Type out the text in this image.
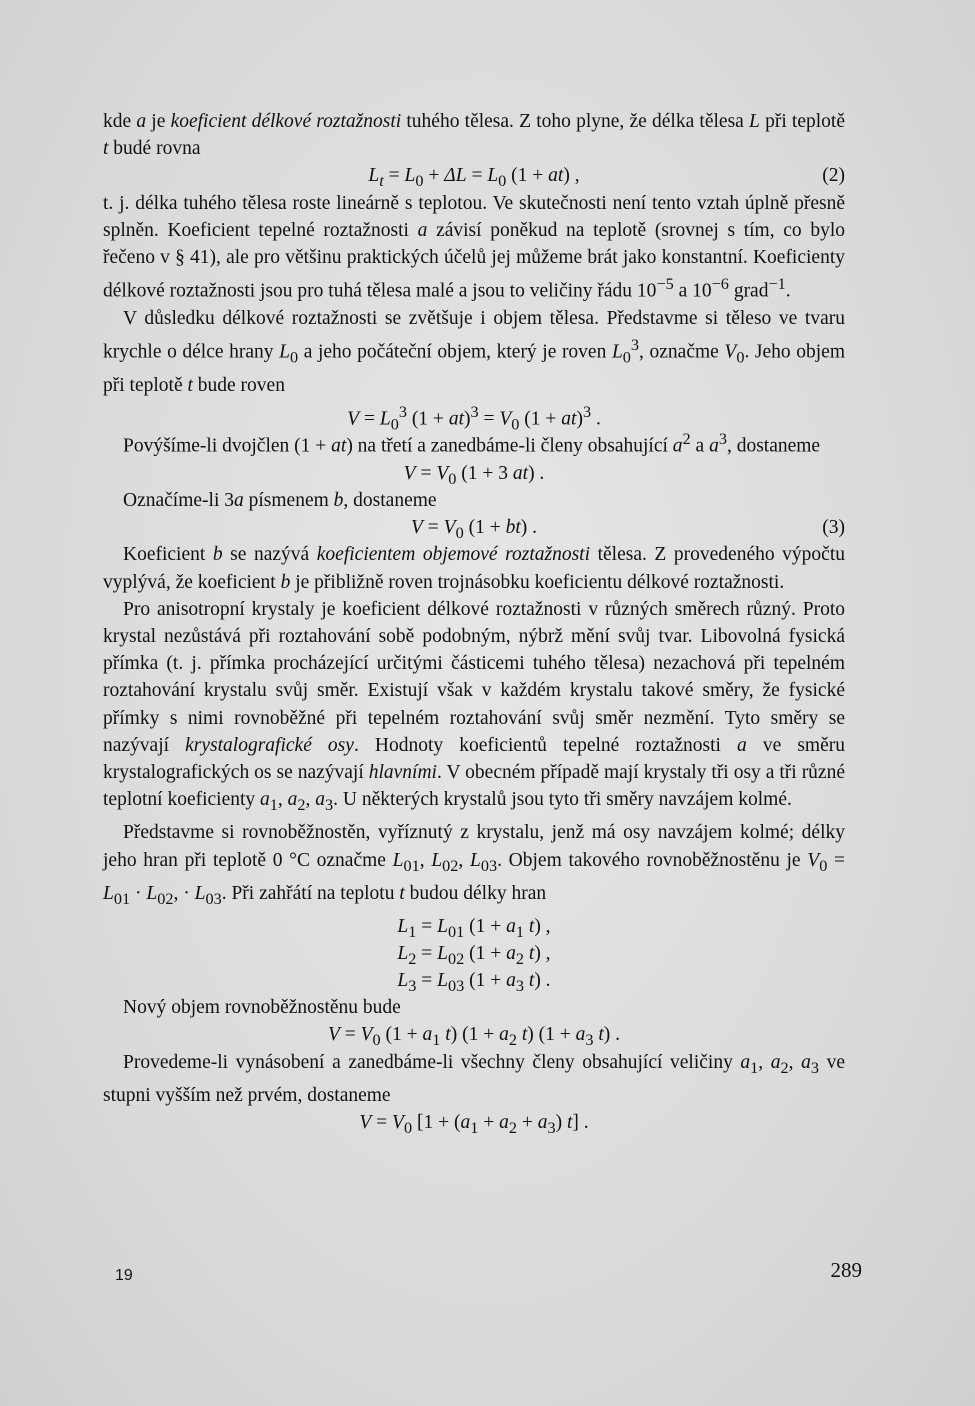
kde a je koeficient délkové roztažnosti tuhého tělesa. Z toho plyne, že délka tělesa L při teplotě t budé rovna

$L_t = L_0 + \Delta L = L_0$ (1 + at) ,	(2)

t. j. délka tuhého tělesa roste lineárně s teplotou. Ve skutečnosti není tento vztah úplně přesně splněn. Koeficient tepelné roztažnosti a závisí poněkud na teplotě (srovnej s tím, co bylo řečeno v § 41), ale pro většinu praktických účelů jej můžeme brát jako konstantní. Koeficienty délkové roztažnosti jsou pro tuhá tělesa malé a jsou to veličiny řádu $10^{-5}$ a $10^{-6}$ grad$^{-1}$.

V důsledku délkové roztažnosti se zvětšuje i objem tělesa. Představme si těleso ve tvaru krychle o délce hrany $L_0$ a jeho počáteční objem, který je roven $L_0^3$, označme $V_0$. Jeho objem při teplotě t bude roven

$V = L_0^3$ $(1 + at)^3 = V_0$ (1 + at)$^3$ .

Povýšíme-li dvojčlen (1 + at) na třetí a zanedbáme-li členy obsahující $a^2$ a $a^3$, dostaneme

$V = V_0$ (1 + 3 at) .

Označíme-li 3a písmenem b, dostaneme

$V = V_0$ (1 + bt) .	(3)

Koeficient b se nazývá koeficientem objemové roztažnosti tělesa. Z provedeného výpočtu vyplývá, že koeficient b je přibližně roven trojnásobku koeficientu délkové roztažnosti.

Pro anisotropní krystaly je koeficient délkové roztažnosti v různých směrech různý. Proto krystal nezůstává při roztahování sobě podobným, nýbrž mění svůj tvar. Libovolná fysická přímka (t. j. přímka procházející určitými částicemi tuhého tělesa) nezachová při tepelném roztahování krystalu svůj směr. Existují však v každém krystalu takové směry, že fysické přímky s nimi rovnoběžné při tepelném roztahování svůj směr nezmění. Tyto směry se nazývají krystalografické osy. Hodnoty koeficientů tepelné roztažnosti a ve směru krystalografických os se nazývají hlavními. V obecném případě mají krystaly tři osy a tři různé teplotní koeficienty $a_1$, $a_2$, $a_3$. U některých krystalů jsou tyto tři směry navzájem kolmé.

Představme si rovnoběžnostěn, vyříznutý z krystalu, jenž má osy navzájem kolmé; délky jeho hran při teplotě 0 °C označme $L_{01}$, $L_{02}$, $L_{03}$. Objem takového rovnoběžnostěnu je $V_0 = L_{01} \cdot L_{02}$, · $L_{03}$. Při zahřátí na teplotu t budou délky hran

$L_1 = L_{01}$ ($1 + a_1$ t) ,
$L_2 = L_{02}$ ($1 + a_2$ t) ,
$L_3 = L_{03}$ ($1 + a_3$ t) .

Nový objem rovnoběžnostěnu bude

$V = V_0$ ($1 + a_1$ t) ($1 + a_2$ t) ($1 + a_3$ t) .

Provedeme-li vynásobení a zanedbáme-li všechny členy obsahující veličiny $a_1$, $a_2$, $a_3$ ve stupni vyšším než prvém, dostaneme

$V = V_0$ [$1 + (a_1 + a_2 + a_3)$ t] .
19	289
